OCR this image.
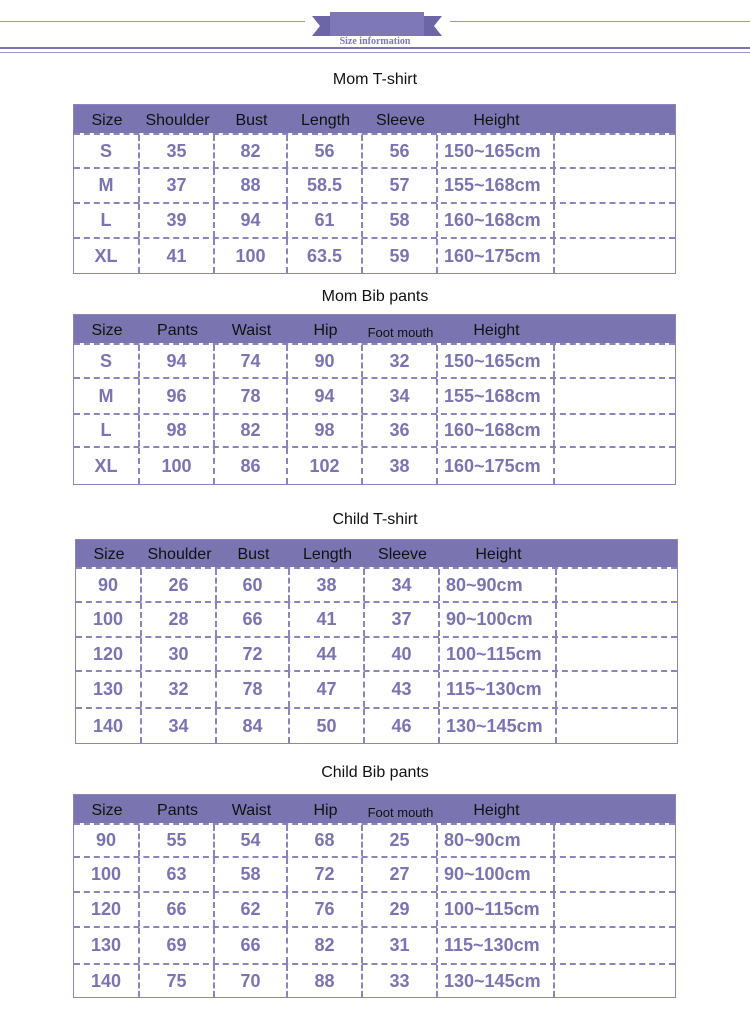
Size information
Mom T-shirt
Size	Shoulder	Bust	Length	Sleeve	Height
S	35	82	56	56	150~165cm
M	37	88	58.5	57	155~168cm
L	39	94	61	58	160~168cm
XL	41	100	63.5	59	160~175cm
Mom Bib pants
Size	Pants	Waist	Hip	Foot mouth	Height
S	94	74	90	32	150~165cm
M	96	78	94	34	155~168cm
L	98	82	98	36	160~168cm
XL	100	86	102	38	160~175cm
Child T-shirt
Size	Shoulder	Bust	Length	Sleeve	Height
90	26	60	38	34	80~90cm
100	28	66	41	37	90~100cm
120	30	72	44	40	100~115cm
130	32	78	47	43	115~130cm
140	34	84	50	46	130~145cm
Child Bib pants
Size	Pants	Waist	Hip	Foot mouth	Height
90	55	54	68	25	80~90cm
100	63	58	72	27	90~100cm
120	66	62	76	29	100~115cm
130	69	66	82	31	115~130cm
140	75	70	88	33	130~145cm
